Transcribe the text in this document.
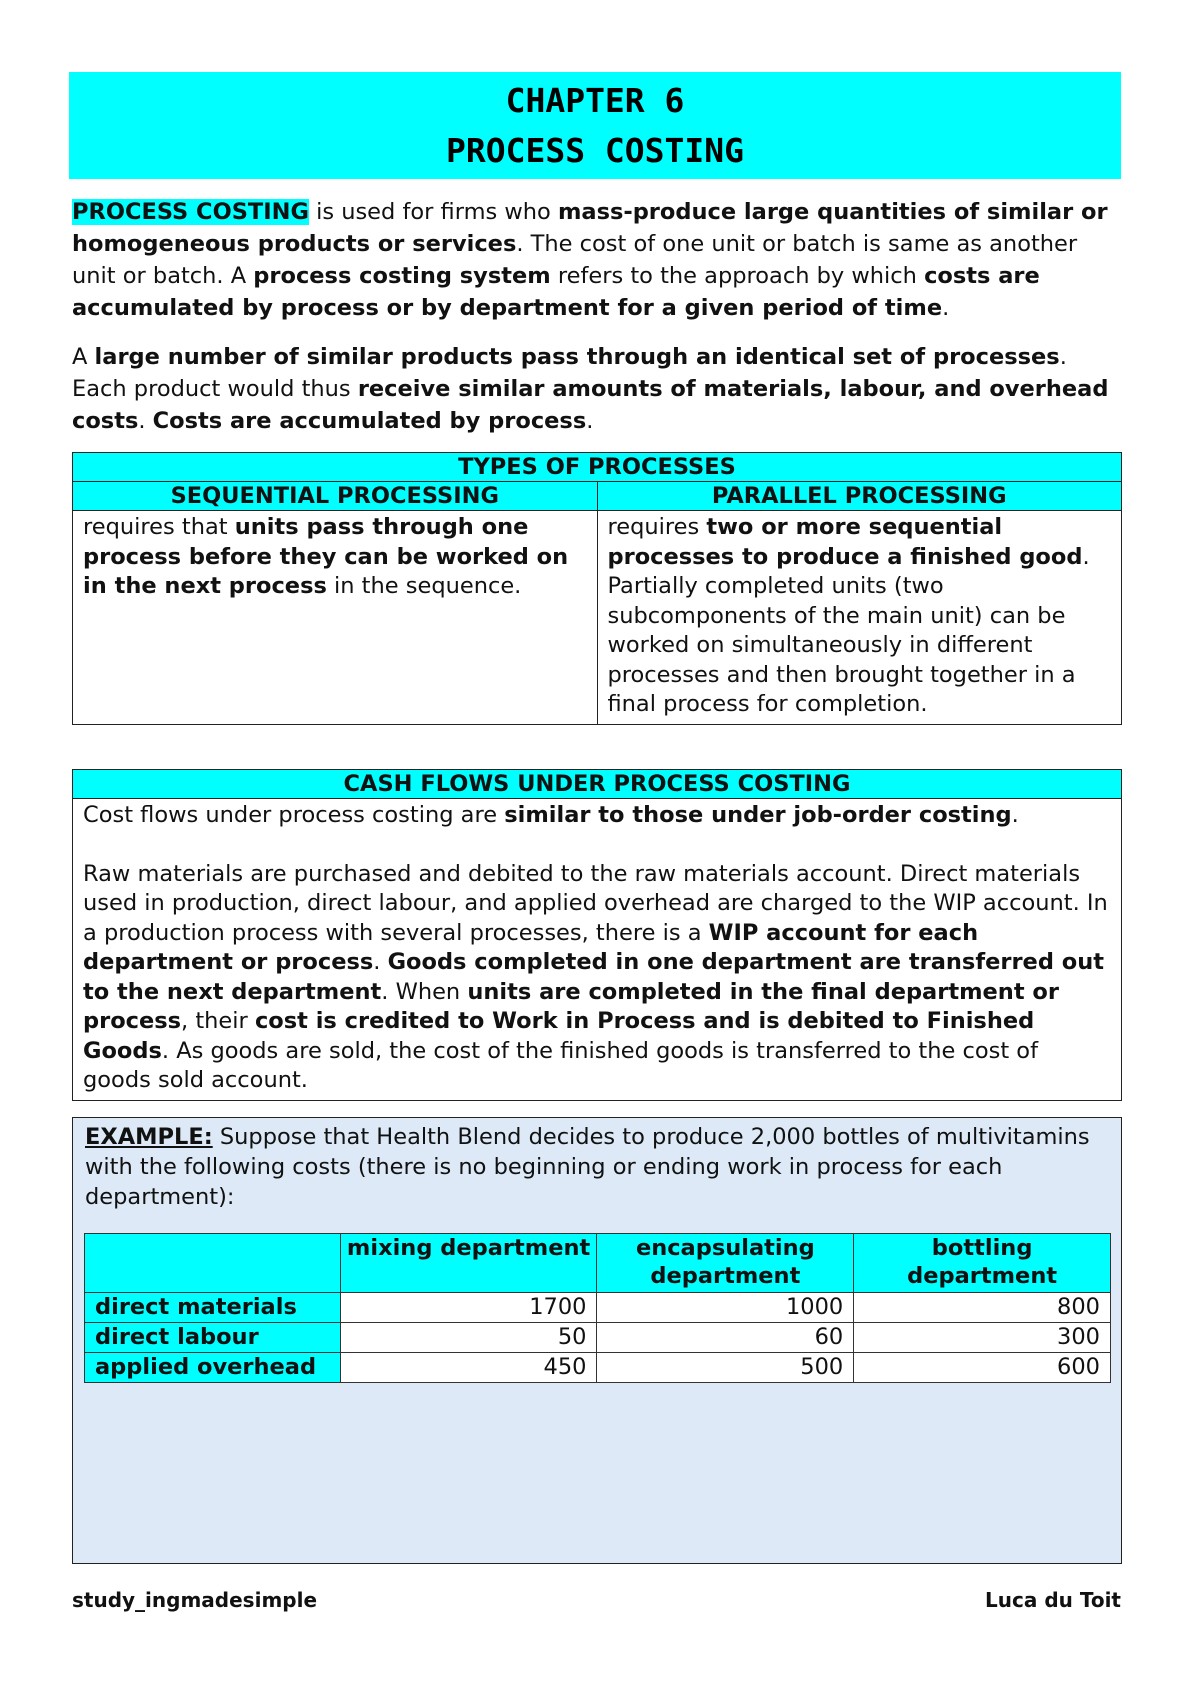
CHAPTER 6
PROCESS COSTING

PROCESS COSTING is used for firms who mass-produce large quantities of similar or homogeneous products or services. The cost of one unit or batch is same as another unit or batch. A process costing system refers to the approach by which costs are accumulated by process or by department for a given period of time.

A large number of similar products pass through an identical set of processes. Each product would thus receive similar amounts of materials, labour, and overhead costs. Costs are accumulated by process.

TYPES OF PROCESSES	
SEQUENTIAL PROCESSING	PARALLEL PROCESSING
requires that units pass through one process before they can be worked on in the next process in the sequence.	requires two or more sequential processes to produce a finished good. Partially completed units (two subcomponents of the main unit) can be worked on simultaneously in different processes and then brought together in a final process for completion.
CASH FLOWS UNDER PROCESS COSTING

Cost flows under process costing are similar to those under job-order costing.
Raw materials are purchased and debited to the raw materials account. Direct materials used in production, direct labour, and applied overhead are charged to the WIP account. In a production process with several processes, there is a WIP account for each department or process. Goods completed in one department are transferred out to the next department. When units are completed in the final department or process, their cost is credited to Work in Process and is debited to Finished Goods. As goods are sold, the cost of the finished goods is transferred to the cost of goods sold account.

EXAMPLE: Suppose that Health Blend decides to produce 2,000 bottles of multivitamins with the following costs (there is no beginning or ending work in process for each department):

	mixing department	encapsulating department	bottling department
direct materials	1700	1000	800
direct labour	50	60	300
applied overhead	450	500	600
study_ingmadesimple	Luca du Toit
